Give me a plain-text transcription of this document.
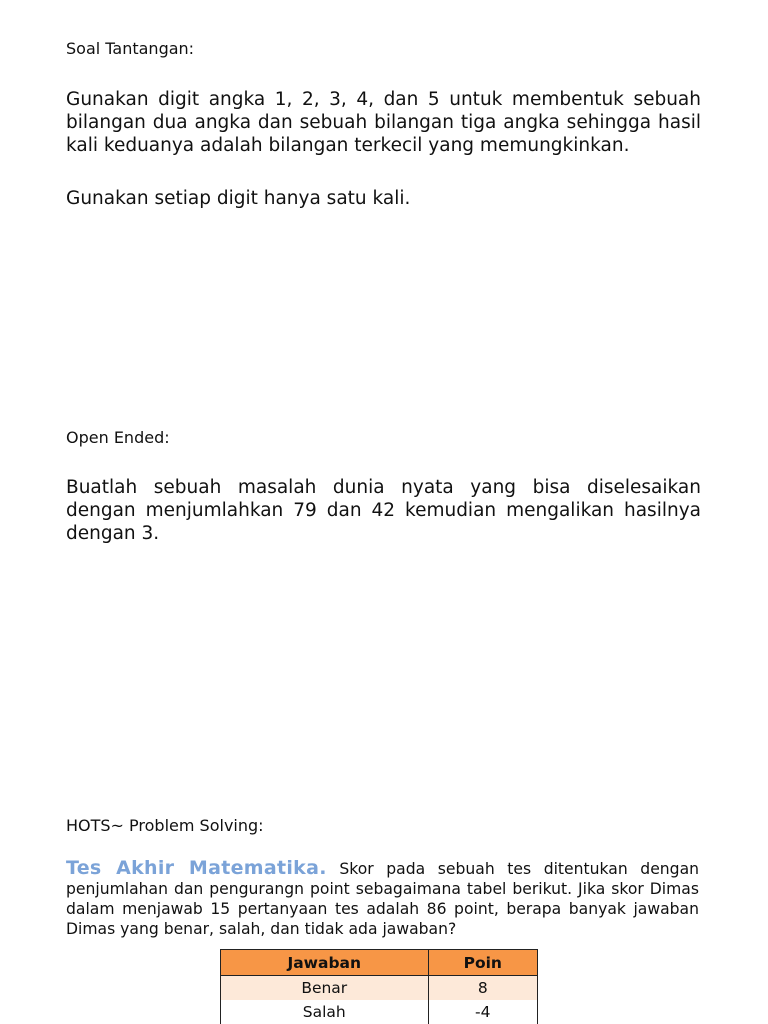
Soal Tantangan:
Gunakan digit angka 1, 2, 3, 4, dan 5 untuk membentuk sebuah bilangan dua angka dan sebuah bilangan tiga angka sehingga hasil kali keduanya adalah bilangan terkecil yang memungkinkan.
Gunakan setiap digit hanya satu kali.
Open Ended:
Buatlah sebuah masalah dunia nyata yang bisa diselesaikan dengan menjumlahkan 79 dan 42 kemudian mengalikan hasilnya dengan 3.
HOTS~ Problem Solving:
Tes Akhir Matematika. Skor pada sebuah tes ditentukan dengan penjumlahan dan pengurangn point sebagaimana tabel berikut. Jika skor Dimas dalam menjawab 15 pertanyaan tes adalah 86 point, berapa banyak jawaban Dimas yang benar, salah, dan tidak ada jawaban?
Jawaban	Poin
Benar	8
Salah	-4
